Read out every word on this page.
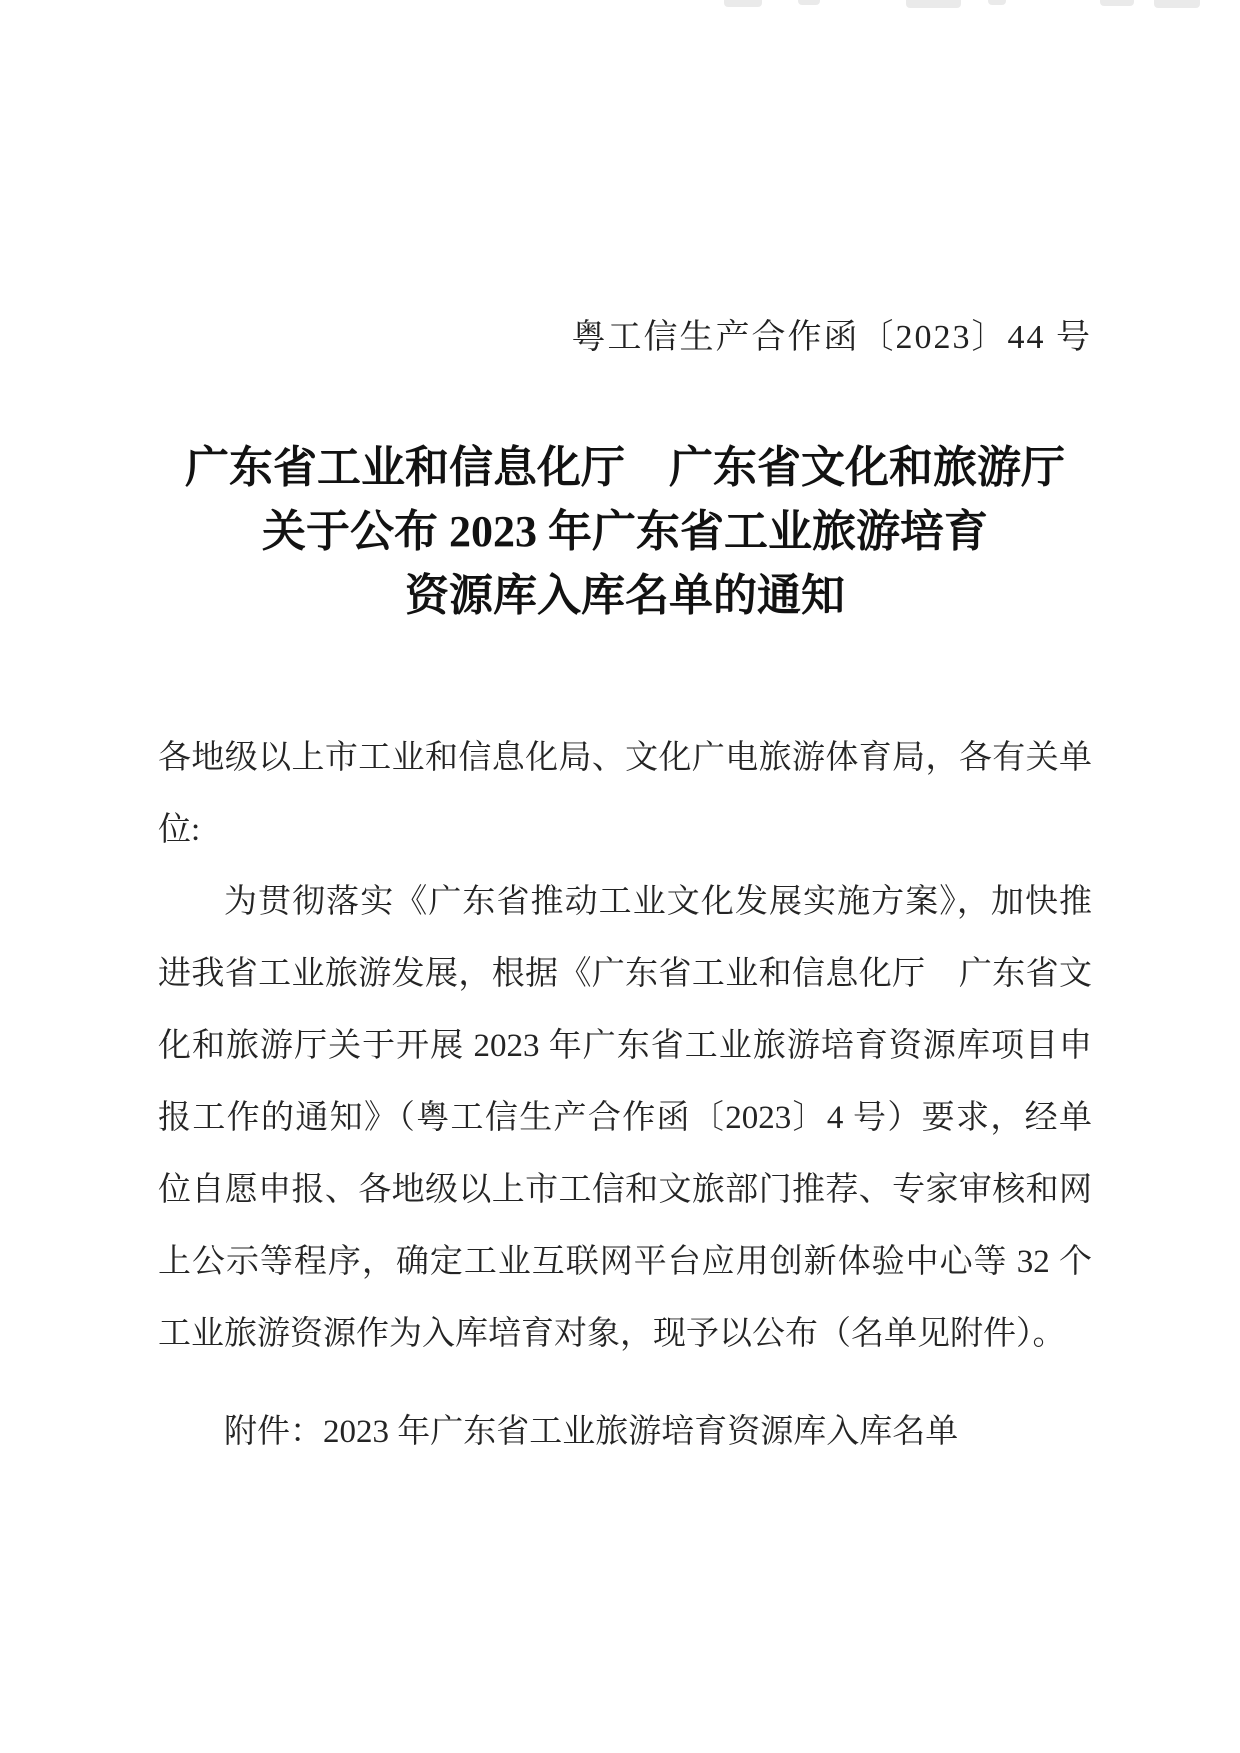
粤工信生产合作函〔2023〕44 号
广东省工业和信息化厅　广东省文化和旅游厅
关于公布 2023 年广东省工业旅游培育
资源库入库名单的通知
各地级以上市工业和信息化局、文化广电旅游体育局，各有关单
位:
为贯彻落实《广东省推动工业文化发展实施方案》，加快推
进我省工业旅游发展，根据《广东省工业和信息化厅　广东省文
化和旅游厅关于开展 2023 年广东省工业旅游培育资源库项目申
报工作的通知》（粤工信生产合作函〔2023〕4 号）要求，经单
位自愿申报、各地级以上市工信和文旅部门推荐、专家审核和网
上公示等程序，确定工业互联网平台应用创新体验中心等 32 个
工业旅游资源作为入库培育对象，现予以公布（名单见附件）。
附件：2023 年广东省工业旅游培育资源库入库名单
